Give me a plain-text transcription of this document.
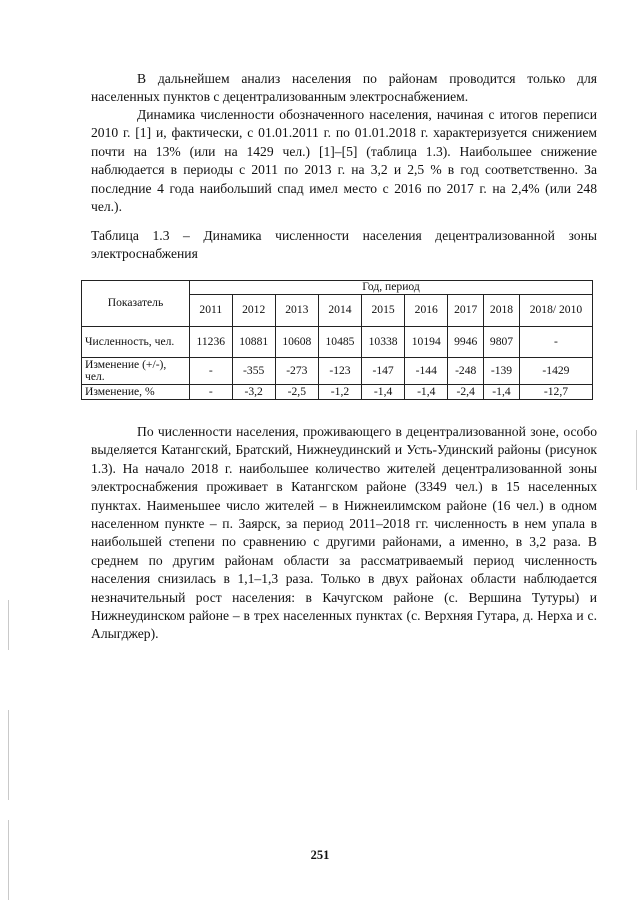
В дальнейшем анализ населения по районам проводится только для населенных пунктов с децентрализованным электроснабжением.

Динамика численности обозначенного населения, начиная с итогов переписи 2010 г. [1] и, фактически, с 01.01.2011 г. по 01.01.2018 г. характеризуется снижением почти на 13% (или на 1429 чел.) [1]–[5] (таблица 1.3). Наибольшее снижение наблюдается в периоды с 2011 по 2013 г. на 3,2 и 2,5 % в год соответственно. За последние 4 года наибольший спад имел место с 2016 по 2017 г. на 2,4% (или 248 чел.).

Таблица 1.3 – Динамика численности населения децентрализованной зоны электроснабжения

Показатель	Год, период								
	2011	2012	2013	2014	2015	2016	2017	2018	2018/ 2010
Численность, чел.	11236	10881	10608	10485	10338	10194	9946	9807	-
Изменение (+/-), чел.	-	-355	-273	-123	-147	-144	-248	-139	-1429
Изменение, %	-	-3,2	-2,5	-1,2	-1,4	-1,4	-2,4	-1,4	-12,7

По численности населения, проживающего в децентрализованной зоне, особо выделяется Катангский, Братский, Нижнеудинский и Усть-Удинский районы (рисунок 1.3). На начало 2018 г. наибольшее количество жителей децентрализованной зоны электроснабжения проживает в Катангском районе (3349 чел.) в 15 населенных пунктах. Наименьшее число жителей – в Нижнеилимском районе (16 чел.) в одном населенном пункте – п. Заярск, за период 2011–2018 гг. численность в нем упала в наибольшей степени по сравнению с другими районами, а именно, в 3,2 раза. В среднем по другим районам области за рассматриваемый период численность населения снизилась в 1,1–1,3 раза. Только в двух районах области наблюдается незначительный рост населения: в Качугском районе (с. Вершина Тутуры) и Нижнеудинском районе – в трех населенных пунктах (с. Верхняя Гутара, д. Нерха и с. Алыгджер).

251
